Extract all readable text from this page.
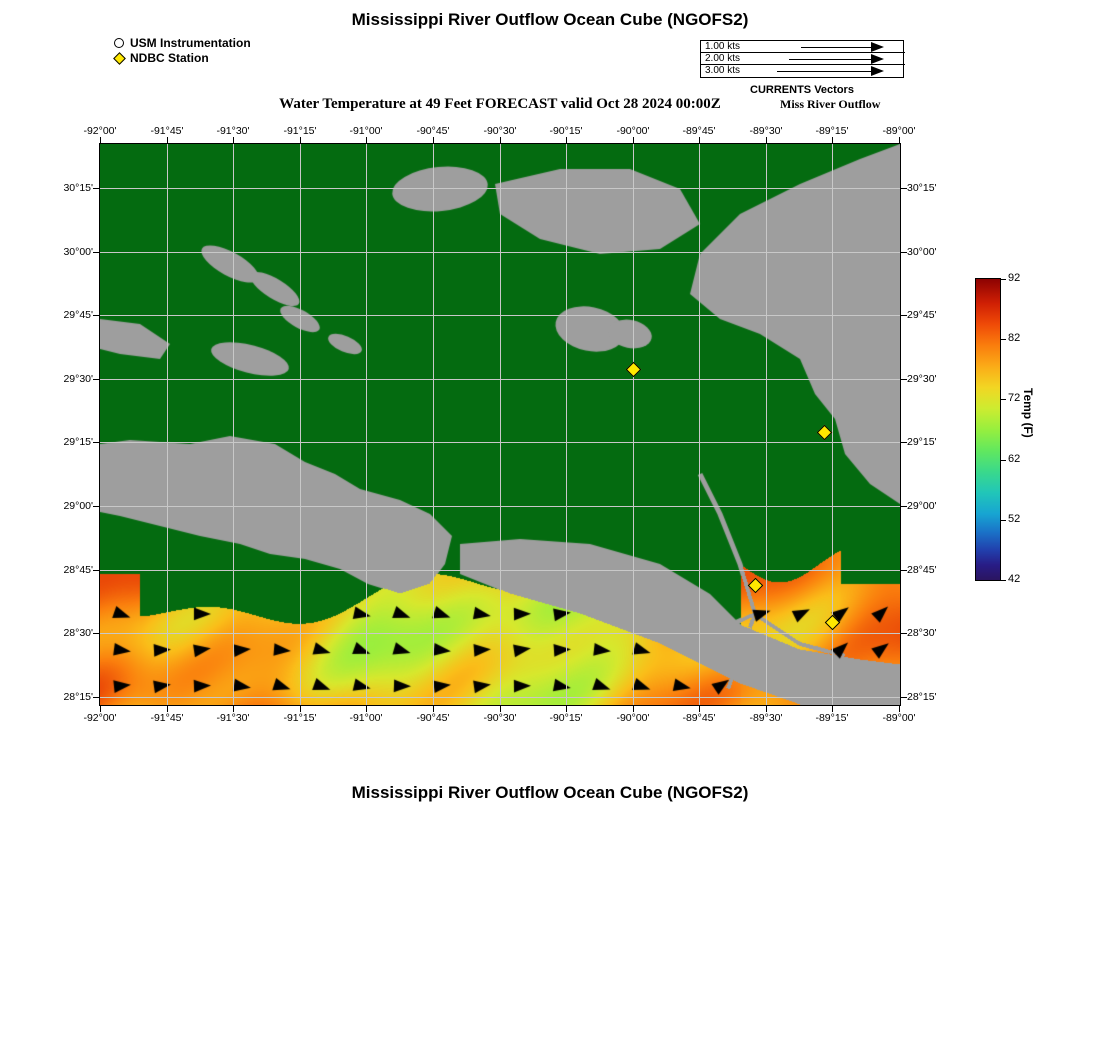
Mississippi River Outflow Ocean Cube (NGOFS2)
Water Temperature at 49 Feet FORECAST valid Oct 28 2024 00:00Z	Miss River Outflow
Mississippi River Outflow Ocean Cube (NGOFS2)
USM Instrumentation
NDBC Station
1.00 kts
2.00 kts
3.00 kts
CURRENTS Vectors
-92°00'
-92°00'
-91°45'
-91°45'
-91°30'
-91°30'
-91°15'
-91°15'
-91°00'
-91°00'
-90°45'
-90°45'
-90°30'
-90°30'
-90°15'
-90°15'
-90°00'
-90°00'
-89°45'
-89°45'
-89°30'
-89°30'
-89°15'
-89°15'
-89°00'
-89°00'
30°15'	30°15'
30°00'	30°00'
29°45'	29°45'
29°30'	29°30'
29°15'	29°15'
29°00'	29°00'
28°45'	28°45'
28°30'	28°30'
28°15'	28°15'
Temp (F)
92
82
72
62
52
42
